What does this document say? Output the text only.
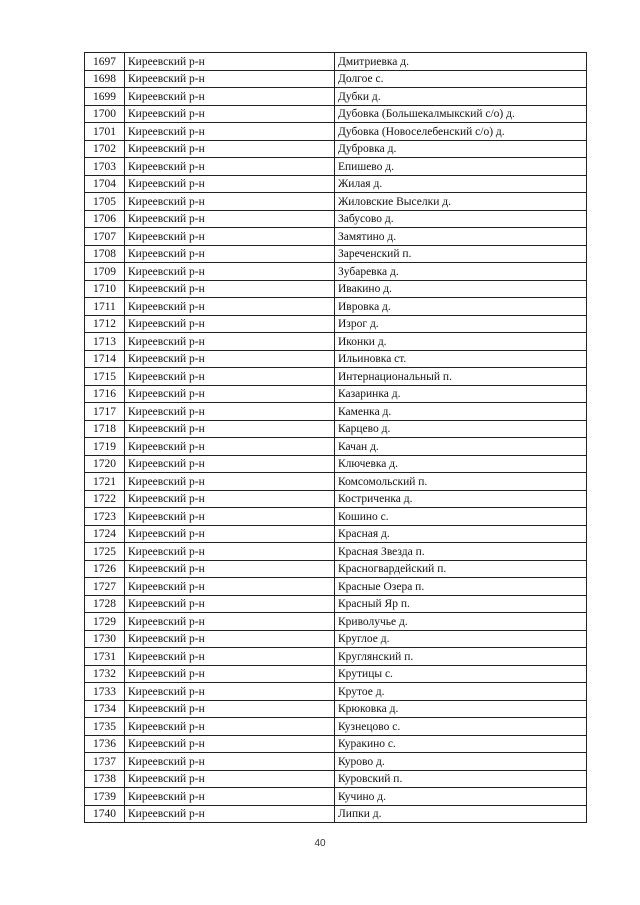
1697	Киреевский р-н	Дмитриевка д.
1698	Киреевский р-н	Долгое с.
1699	Киреевский р-н	Дубки д.
1700	Киреевский р-н	Дубовка (Большекалмыкский с/о) д.
1701	Киреевский р-н	Дубовка (Новоселебенский с/о) д.
1702	Киреевский р-н	Дубровка д.
1703	Киреевский р-н	Епишево д.
1704	Киреевский р-н	Жилая д.
1705	Киреевский р-н	Жиловские Выселки д.
1706	Киреевский р-н	Забусово д.
1707	Киреевский р-н	Замятино д.
1708	Киреевский р-н	Зареченский п.
1709	Киреевский р-н	Зубаревка д.
1710	Киреевский р-н	Ивакино д.
1711	Киреевский р-н	Ивровка д.
1712	Киреевский р-н	Изрог д.
1713	Киреевский р-н	Иконки д.
1714	Киреевский р-н	Ильиновка ст.
1715	Киреевский р-н	Интернациональный п.
1716	Киреевский р-н	Казаринка д.
1717	Киреевский р-н	Каменка д.
1718	Киреевский р-н	Карцево д.
1719	Киреевский р-н	Качан д.
1720	Киреевский р-н	Ключевка д.
1721	Киреевский р-н	Комсомольский п.
1722	Киреевский р-н	Костриченка д.
1723	Киреевский р-н	Кошино с.
1724	Киреевский р-н	Красная д.
1725	Киреевский р-н	Красная Звезда п.
1726	Киреевский р-н	Красногвардейский п.
1727	Киреевский р-н	Красные Озера п.
1728	Киреевский р-н	Красный Яр п.
1729	Киреевский р-н	Криволучье д.
1730	Киреевский р-н	Круглое д.
1731	Киреевский р-н	Круглянский п.
1732	Киреевский р-н	Крутицы с.
1733	Киреевский р-н	Крутое д.
1734	Киреевский р-н	Крюковка д.
1735	Киреевский р-н	Кузнецово с.
1736	Киреевский р-н	Куракино с.
1737	Киреевский р-н	Курово д.
1738	Киреевский р-н	Куровский п.
1739	Киреевский р-н	Кучино д.
1740	Киреевский р-н	Липки д.
40
